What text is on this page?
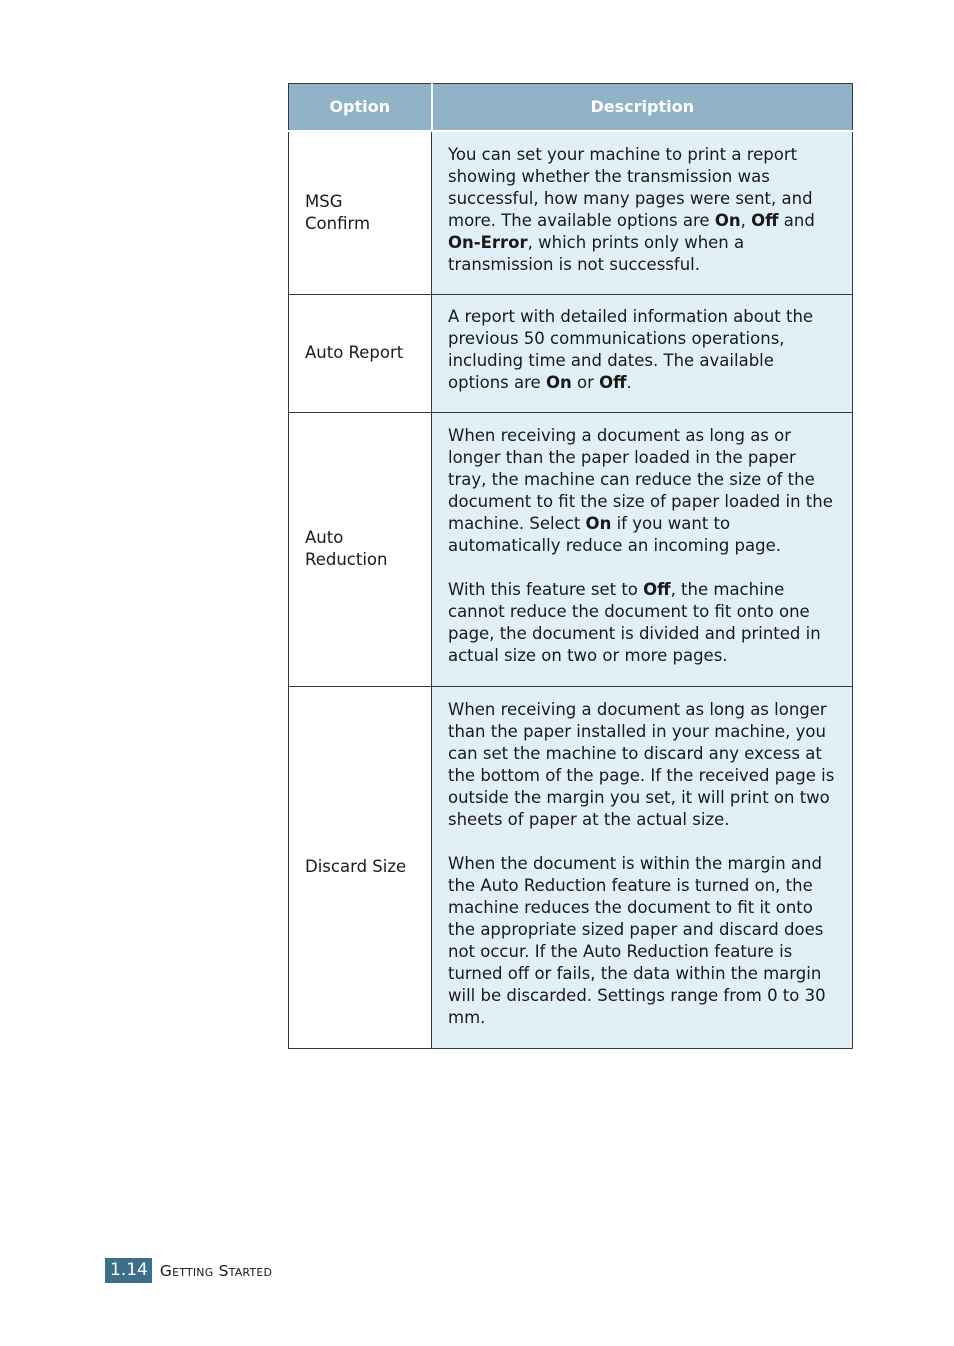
Option	Description
MSG Confirm	You can set your machine to print a report showing whether the transmission was successful, how many pages were sent, and more. The available options are On, Off and On-Error, which prints only when a transmission is not successful.

Auto Report	A report with detailed information about the previous 50 communications operations, including time and dates. The available options are On or Off.

Auto Reduction	When receiving a document as long as or longer than the paper loaded in the paper tray, the machine can reduce the size of the document to fit the size of paper loaded in the machine. Select On if you want to automatically reduce an incoming page.

With this feature set to Off, the machine cannot reduce the document to fit onto one page, the document is divided and printed in actual size on two or more pages.

Discard Size	When receiving a document as long as longer than the paper installed in your machine, you can set the machine to discard any excess at the bottom of the page. If the received page is outside the margin you set, it will print on two sheets of paper at the actual size.

When the document is within the margin and the Auto Reduction feature is turned on, the machine reduces the document to fit it onto the appropriate sized paper and discard does not occur. If the Auto Reduction feature is turned off or fails, the data within the margin will be discarded. Settings range from 0 to 30 mm.

1.14 Getting Started
